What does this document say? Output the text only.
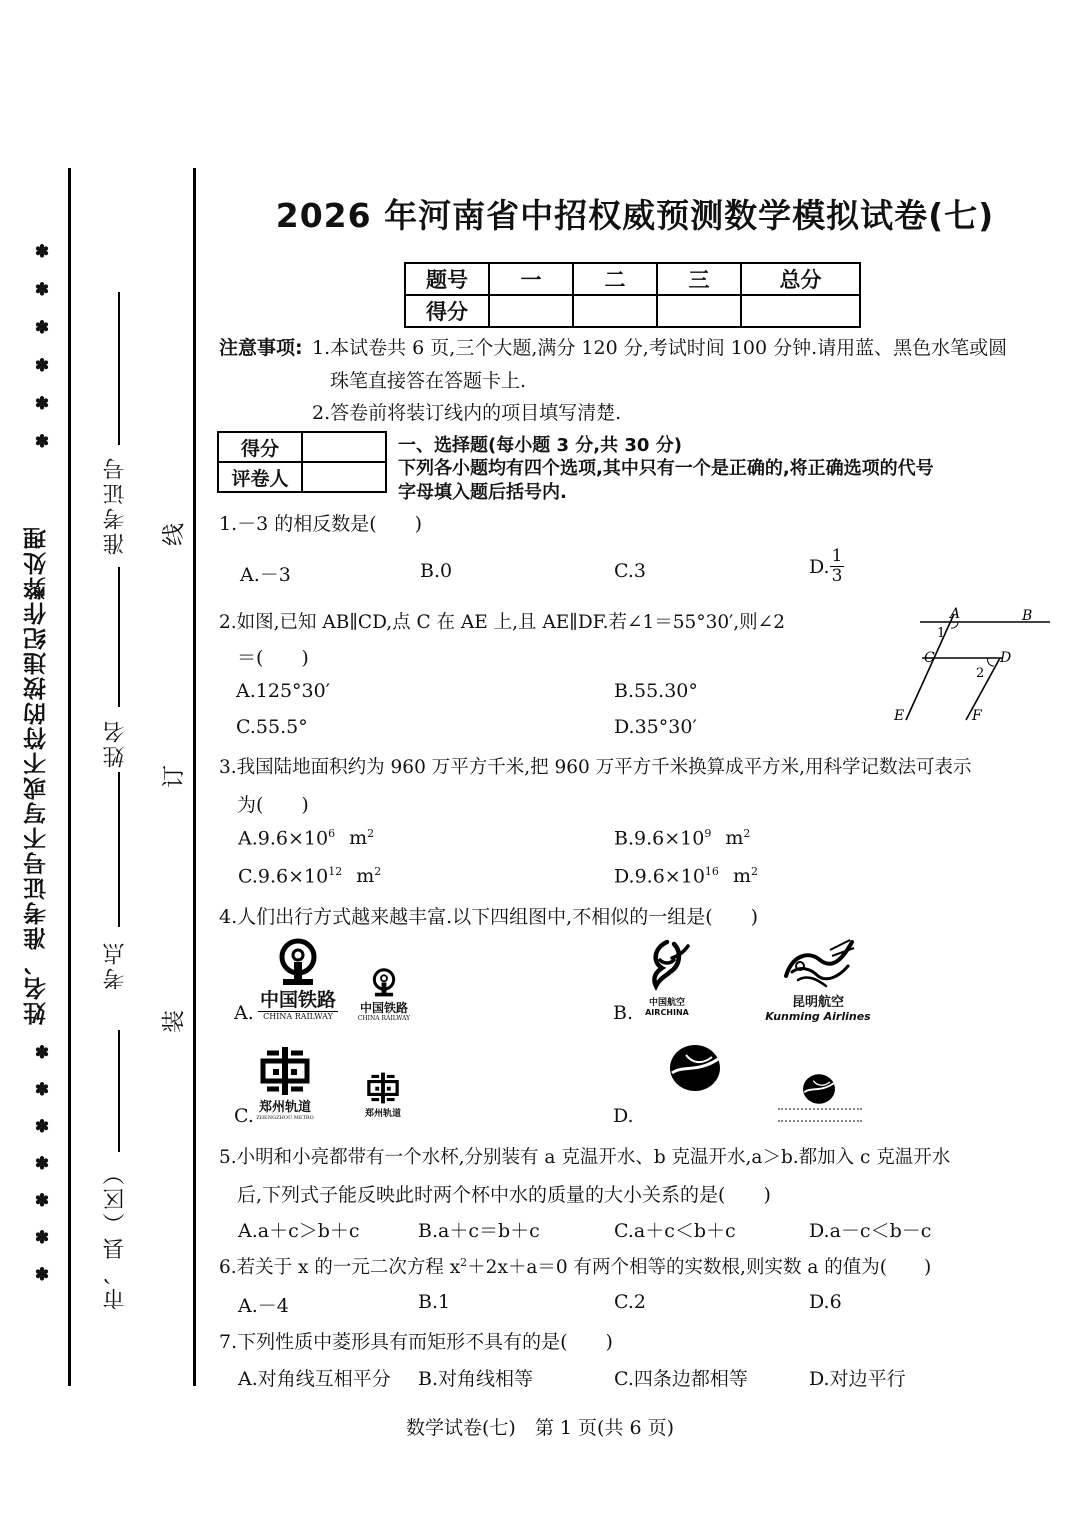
✽
✽
✽
✽
✽
✽
✽
✽
✽
✽
✽
✽
✽
姓名、准考证号不写或不符的按违纪作弊处理
市、县（区）
考点
姓名
准考证号
装
订
线
2026 年河南省中招权威预测数学模拟试卷(七)
题号	一	二	三	总分
得分				
注意事项: 1.本试卷共 6 页,三个大题,满分 120 分,考试时间 100 分钟.请用蓝、黑色水笔或圆
珠笔直接答在答题卡上.
2.答卷前将装订线内的项目填写清楚.
得分	
评卷人	
一、选择题(每小题 3 分,共 30 分)
下列各小题均有四个选项,其中只有一个是正确的,将正确选项的代号
字母填入题后括号内.
1.－3 的相反数是(　　)
A.－3	B.0	C.3	D. $\frac{1}{3}$
2.如图,已知 AB∥CD,点 C 在 AE 上,且 AE∥DF.若∠1＝55°30′,则∠2
＝(　　)
A.125°30′	B.55.30°
C.55.5°	D.35°30′
A	B
1
C	D
2
E	F
3.我国陆地面积约为 960 万平方千米,把 960 万平方千米换算成平方米,用科学记数法可表示
为(　　)
$A.9.6\times 10^6$ $m^2$	$B.9.6\times 10^9$ $m^2$
$C.9.6\times 10^{12}$ $m^2$	$D.9.6\times 10^{16}$ $m^2$
4.人们出行方式越来越丰富.以下四组图中,不相似的一组是(　　)
A.
中国铁路
CHINA RAILWAY
中国铁路
CHINA RAILWAY	B.	中国航空
AIRCHINA
昆明航空
Kunming Airlines
C. 郑州轨道
ZHENGZHOU METRO	郑州轨道	D.
5.小明和小亮都带有一个水杯,分别装有 a 克温开水、b 克温开水,a＞b.都加入 c 克温开水
后,下列式子能反映此时两个杯中水的质量的大小关系的是(　　)
A.a＋c＞b＋c	B.a＋c＝b＋c	C.a＋c＜b＋c	D.a－c＜b－c
6.若关于 x 的一元二次方程 $x^2+2x+a=0$ 有两个相等的实数根,则实数 a 的值为(　　)
A.－4	B.1	C.2	D.6
7.下列性质中菱形具有而矩形不具有的是(　　)
A.对角线互相平分 B.对角线相等	C.四条边都相等	D.对边平行
数学试卷(七)　第 1 页(共 6 页)
